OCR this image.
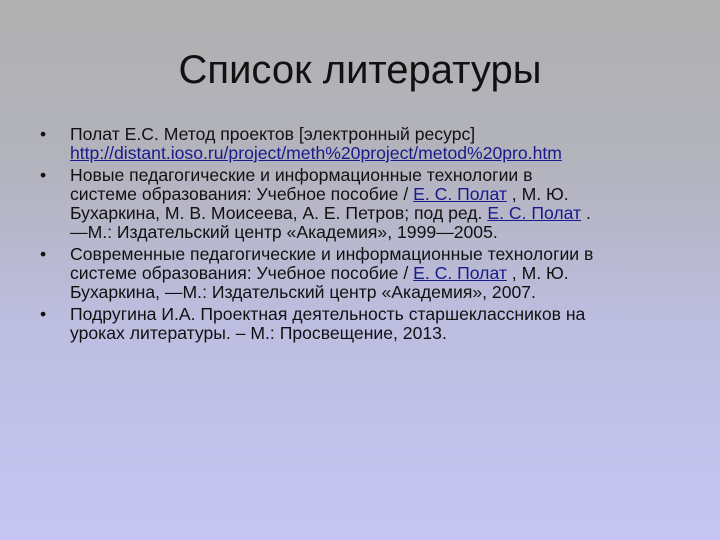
Список литературы
•	Полат Е.С. Метод проектов [электронный ресурс]
http://distant.ioso.ru/project/meth%20project/metod%20pro.htm
•	Новые педагогические и информационные технологии в
системе образования: Учебное пособие / Е. С. Полат , М. Ю.
Бухаркина, М. В. Моисеева, А. Е. Петров; под ред. Е. С. Полат .
—М.: Издательский центр «Академия», 1999—2005.
•	Современные педагогические и информационные технологии в
системе образования: Учебное пособие / Е. С. Полат , М. Ю.
Бухаркина, —М.: Издательский центр «Академия», 2007.
•	Подругина И.А. Проектная деятельность старшеклассников на
уроках литературы. – М.: Просвещение, 2013.
